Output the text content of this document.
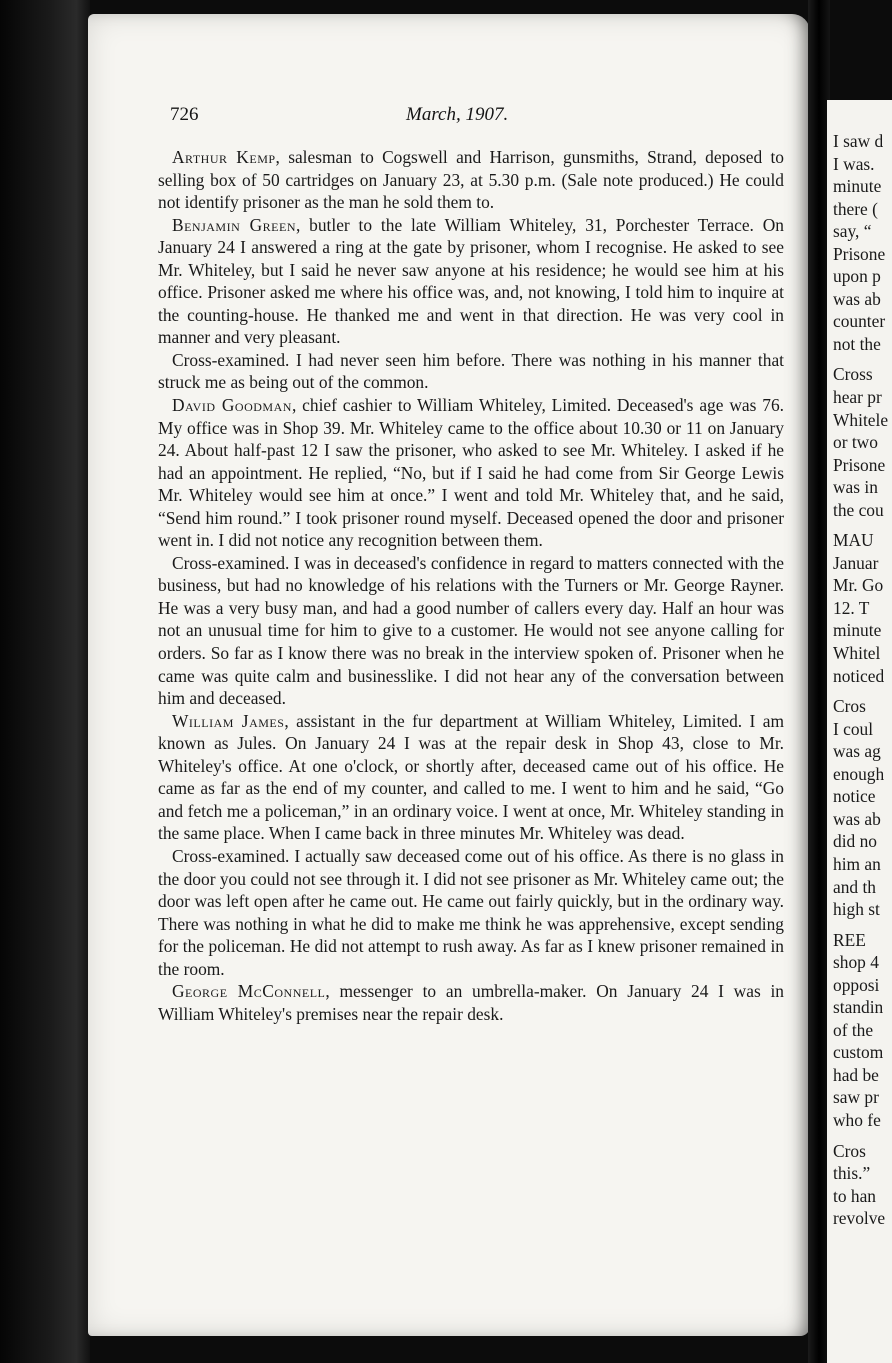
726	March, 1907.

Arthur Kemp, salesman to Cogswell and Harrison, gunsmiths, Strand, deposed to selling box of 50 cartridges on January 23, at 5.30 p.m. (Sale note produced.) He could not identify prisoner as the man he sold them to.

Benjamin Green, butler to the late William Whiteley, 31, Porchester Terrace. On January 24 I answered a ring at the gate by prisoner, whom I recognise. He asked to see Mr. Whiteley, but I said he never saw anyone at his residence; he would see him at his office. Prisoner asked me where his office was, and, not knowing, I told him to inquire at the counting-house. He thanked me and went in that direction. He was very cool in manner and very pleasant.

Cross-examined. I had never seen him before. There was nothing in his manner that struck me as being out of the common.

David Goodman, chief cashier to William Whiteley, Limited. Deceased's age was 76. My office was in Shop 39. Mr. Whiteley came to the office about 10.30 or 11 on January 24. About half-past 12 I saw the prisoner, who asked to see Mr. Whiteley. I asked if he had an appointment. He replied, “No, but if I said he had come from Sir George Lewis Mr. Whiteley would see him at once.” I went and told Mr. Whiteley that, and he said, “Send him round.” I took prisoner round myself. Deceased opened the door and prisoner went in. I did not notice any recognition between them.

Cross-examined. I was in deceased's confidence in regard to matters connected with the business, but had no knowledge of his relations with the Turners or Mr. George Rayner. He was a very busy man, and had a good number of callers every day. Half an hour was not an unusual time for him to give to a customer. He would not see anyone calling for orders. So far as I know there was no break in the interview spoken of. Prisoner when he came was quite calm and businesslike. I did not hear any of the conversation between him and deceased.

William James, assistant in the fur department at William Whiteley, Limited. I am known as Jules. On January 24 I was at the repair desk in Shop 43, close to Mr. Whiteley's office. At one o'clock, or shortly after, deceased came out of his office. He came as far as the end of my counter, and called to me. I went to him and he said, “Go and fetch me a policeman,” in an ordinary voice. I went at once, Mr. Whiteley standing in the same place. When I came back in three minutes Mr. Whiteley was dead.

Cross-examined. I actually saw deceased come out of his office. As there is no glass in the door you could not see through it. I did not see prisoner as Mr. Whiteley came out; the door was left open after he came out. He came out fairly quickly, but in the ordinary way. There was nothing in what he did to make me think he was apprehensive, except sending for the policeman. He did not attempt to rush away. As far as I knew prisoner remained in the room.

George McConnell, messenger to an umbrella-maker. On January 24 I was in William Whiteley's premises near the repair desk.

I saw d
I was.
minute
there (
say, “
Prisone
upon p
was ab
counter
not the
Cross
hear pr
Whitele
or two
Prisone
was in
the cou
MAU
Januar
Mr. Go
12. T
minute
Whitel
noticed
Cros
I coul
was ag
enough
notice
was ab
did no
him an
and th
high st
REE
shop 4
opposi
standin
of the
custom
had be
saw pr
who fe
Cros
this.”
to han
revolve
